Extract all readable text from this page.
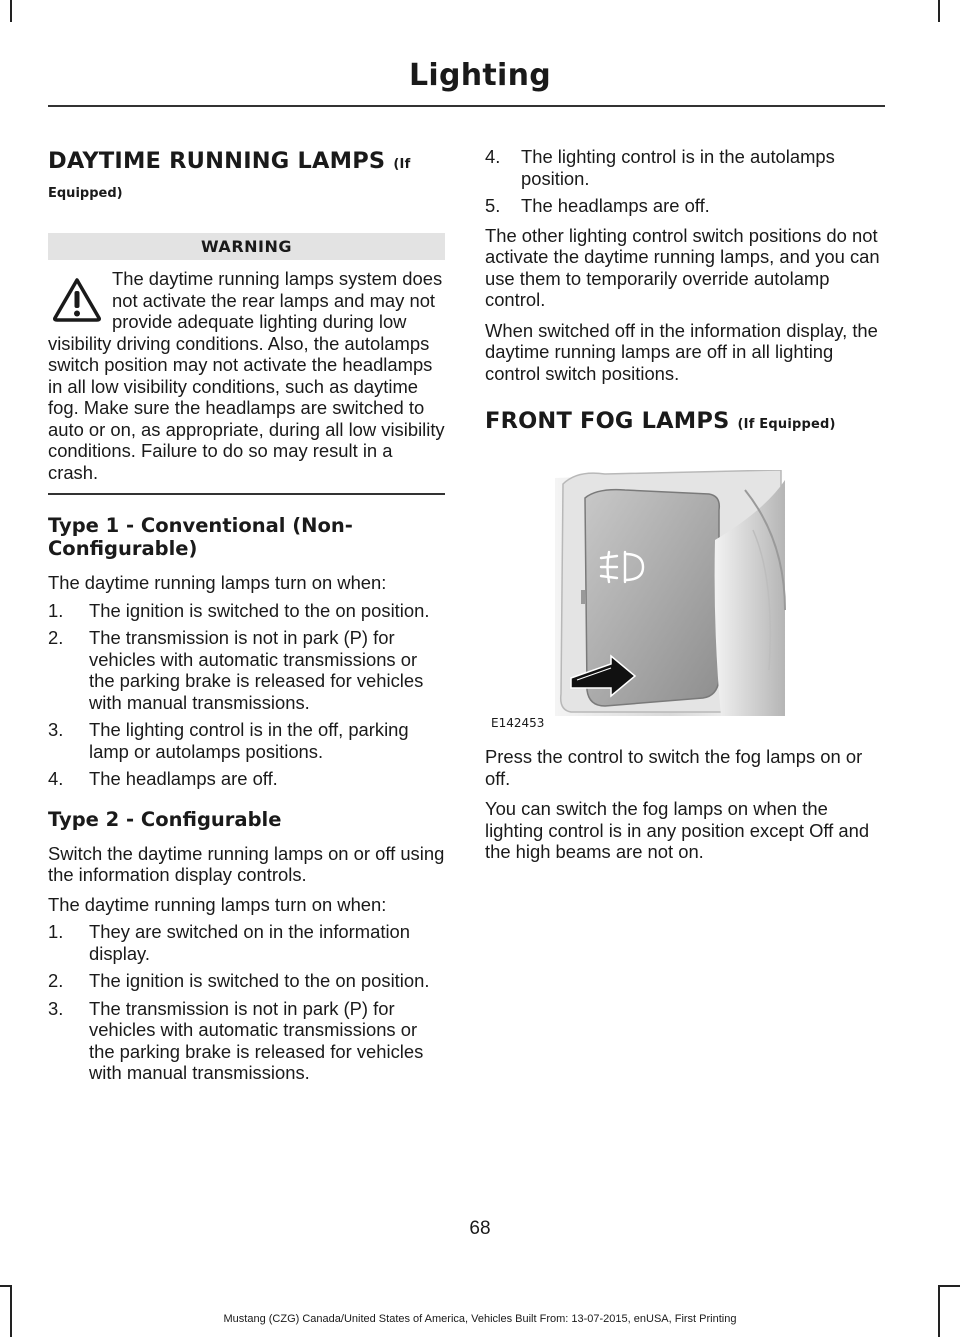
Lighting
DAYTIME RUNNING LAMPS (If
Equipped)
WARNING

The daytime running lamps system does not activate the rear lamps and may not provide adequate lighting during low visibility driving conditions. Also, the autolamps switch position may not activate the headlamps in all low visibility conditions, such as daytime fog. Make sure the headlamps are switched to auto or on, as appropriate, during all low visibility conditions. Failure to do so may result in a crash.

Type 1 - Conventional (Non-Configurable)

The daytime running lamps turn on when:

1. The ignition is switched to the on position.
2. The transmission is not in park (P) for vehicles with automatic transmissions or the parking brake is released for vehicles with manual transmissions.
3. The lighting control is in the off, parking lamp or autolamps positions.
4. The headlamps are off.
Type 2 - Configurable

Switch the daytime running lamps on or off using the information display controls.

The daytime running lamps turn on when:

1. They are switched on in the information display.
2. The ignition is switched to the on position.
3. The transmission is not in park (P) for vehicles with automatic transmissions or the parking brake is released for vehicles with manual transmissions.
4. The lighting control is in the autolamps position.
5. The headlamps are off.

The other lighting control switch positions do not activate the daytime running lamps, and you can use them to temporarily override autolamp control.

When switched off in the information display, the daytime running lamps are off in all lighting control switch positions.

FRONT FOG LAMPS (If Equipped)
E142453

Press the control to switch the fog lamps on or off.

You can switch the fog lamps on when the lighting control is in any position except Off and the high beams are not on.

68
Mustang (CZG) Canada/United States of America, Vehicles Built From: 13-07-2015, enUSA, First Printing
